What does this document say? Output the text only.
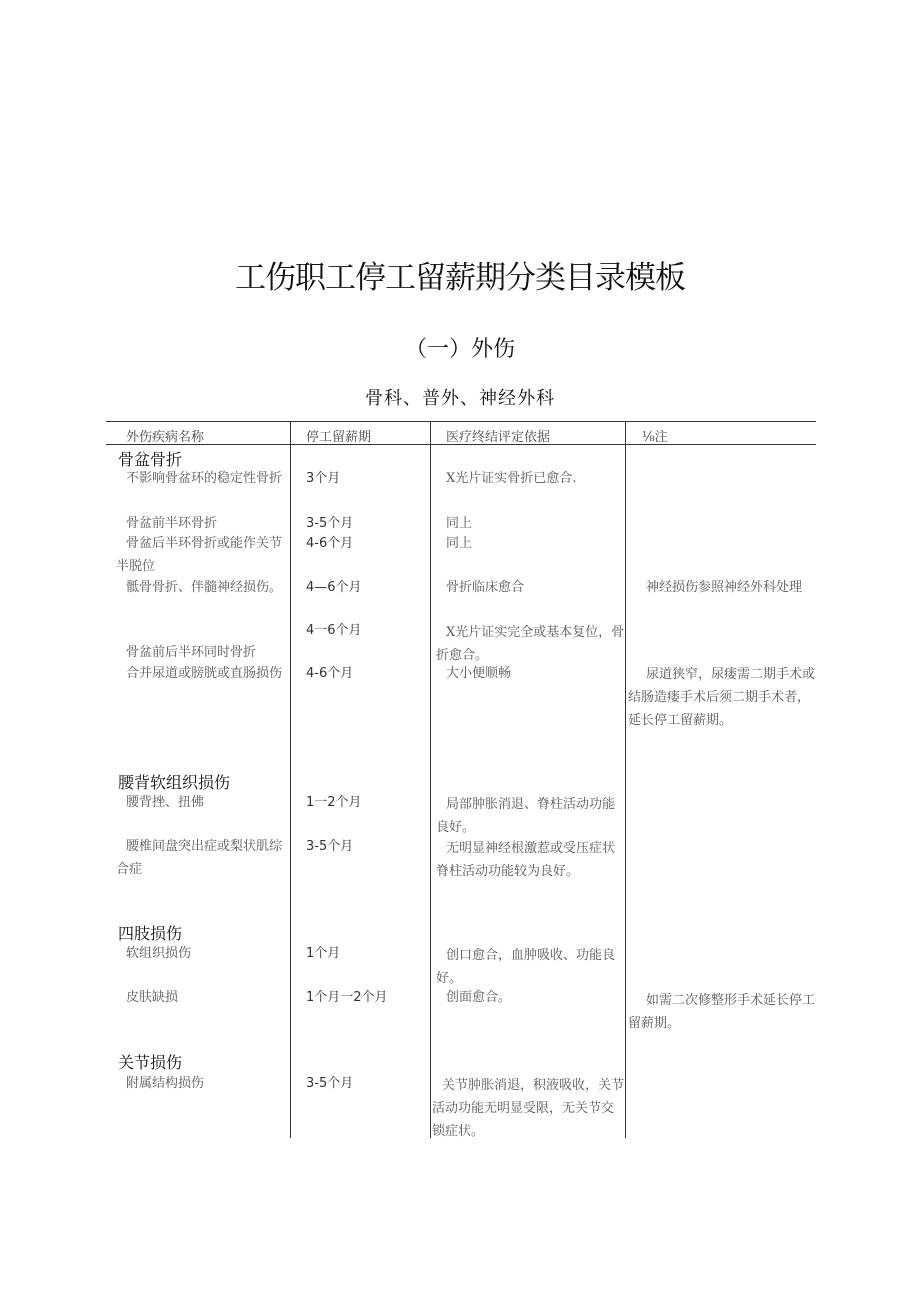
工伤职工停工留薪期分类目录模板
（一）外伤
骨科、普外、神经外科
外伤疾病名称	停工留薪期	医疗终结评定依据	⅛注
骨盆骨折
不影响骨盆环的稳定性骨折	3个月	X光片证实骨折已愈合.
骨盆前半环骨折	3-5个月	同上
骨盆后半环骨折或能作关节半脱位
4-6个月	同上
骶骨骨折、伴髓神经损伤。	4—6个月	骨折临床愈合	神经损伤参照神经外科处理
4一6个月	X光片证实完全或基本复位，骨折愈合。
骨盆前后半环同时骨折
合并尿道或膀胱或直肠损伤	4-6个月	大小便顺畅	尿道狭窄，尿瘘需二期手术或结肠造瘘手术后须二期手术者，延长停工留薪期。
腰背软组织损伤
腰背挫、扭佛	1一2个月	局部肿胀消退、脊柱活动功能良好。
腰椎间盘突出症或梨状肌综合症
3-5个月	无明显神经根激惹或受压症状脊柱活动功能较为良好。
四肢损伤
软组织损伤	1个月	创口愈合，血肿吸收、功能良好。
皮肤缺损	1个月一2个月	创面愈合。	如需二次修整形手术延长停工留薪期。
关节损伤
附属结构损伤	3-5个月	关节肿胀消退，积液吸收，关节活动功能无明显受限，无关节交锁症状。
